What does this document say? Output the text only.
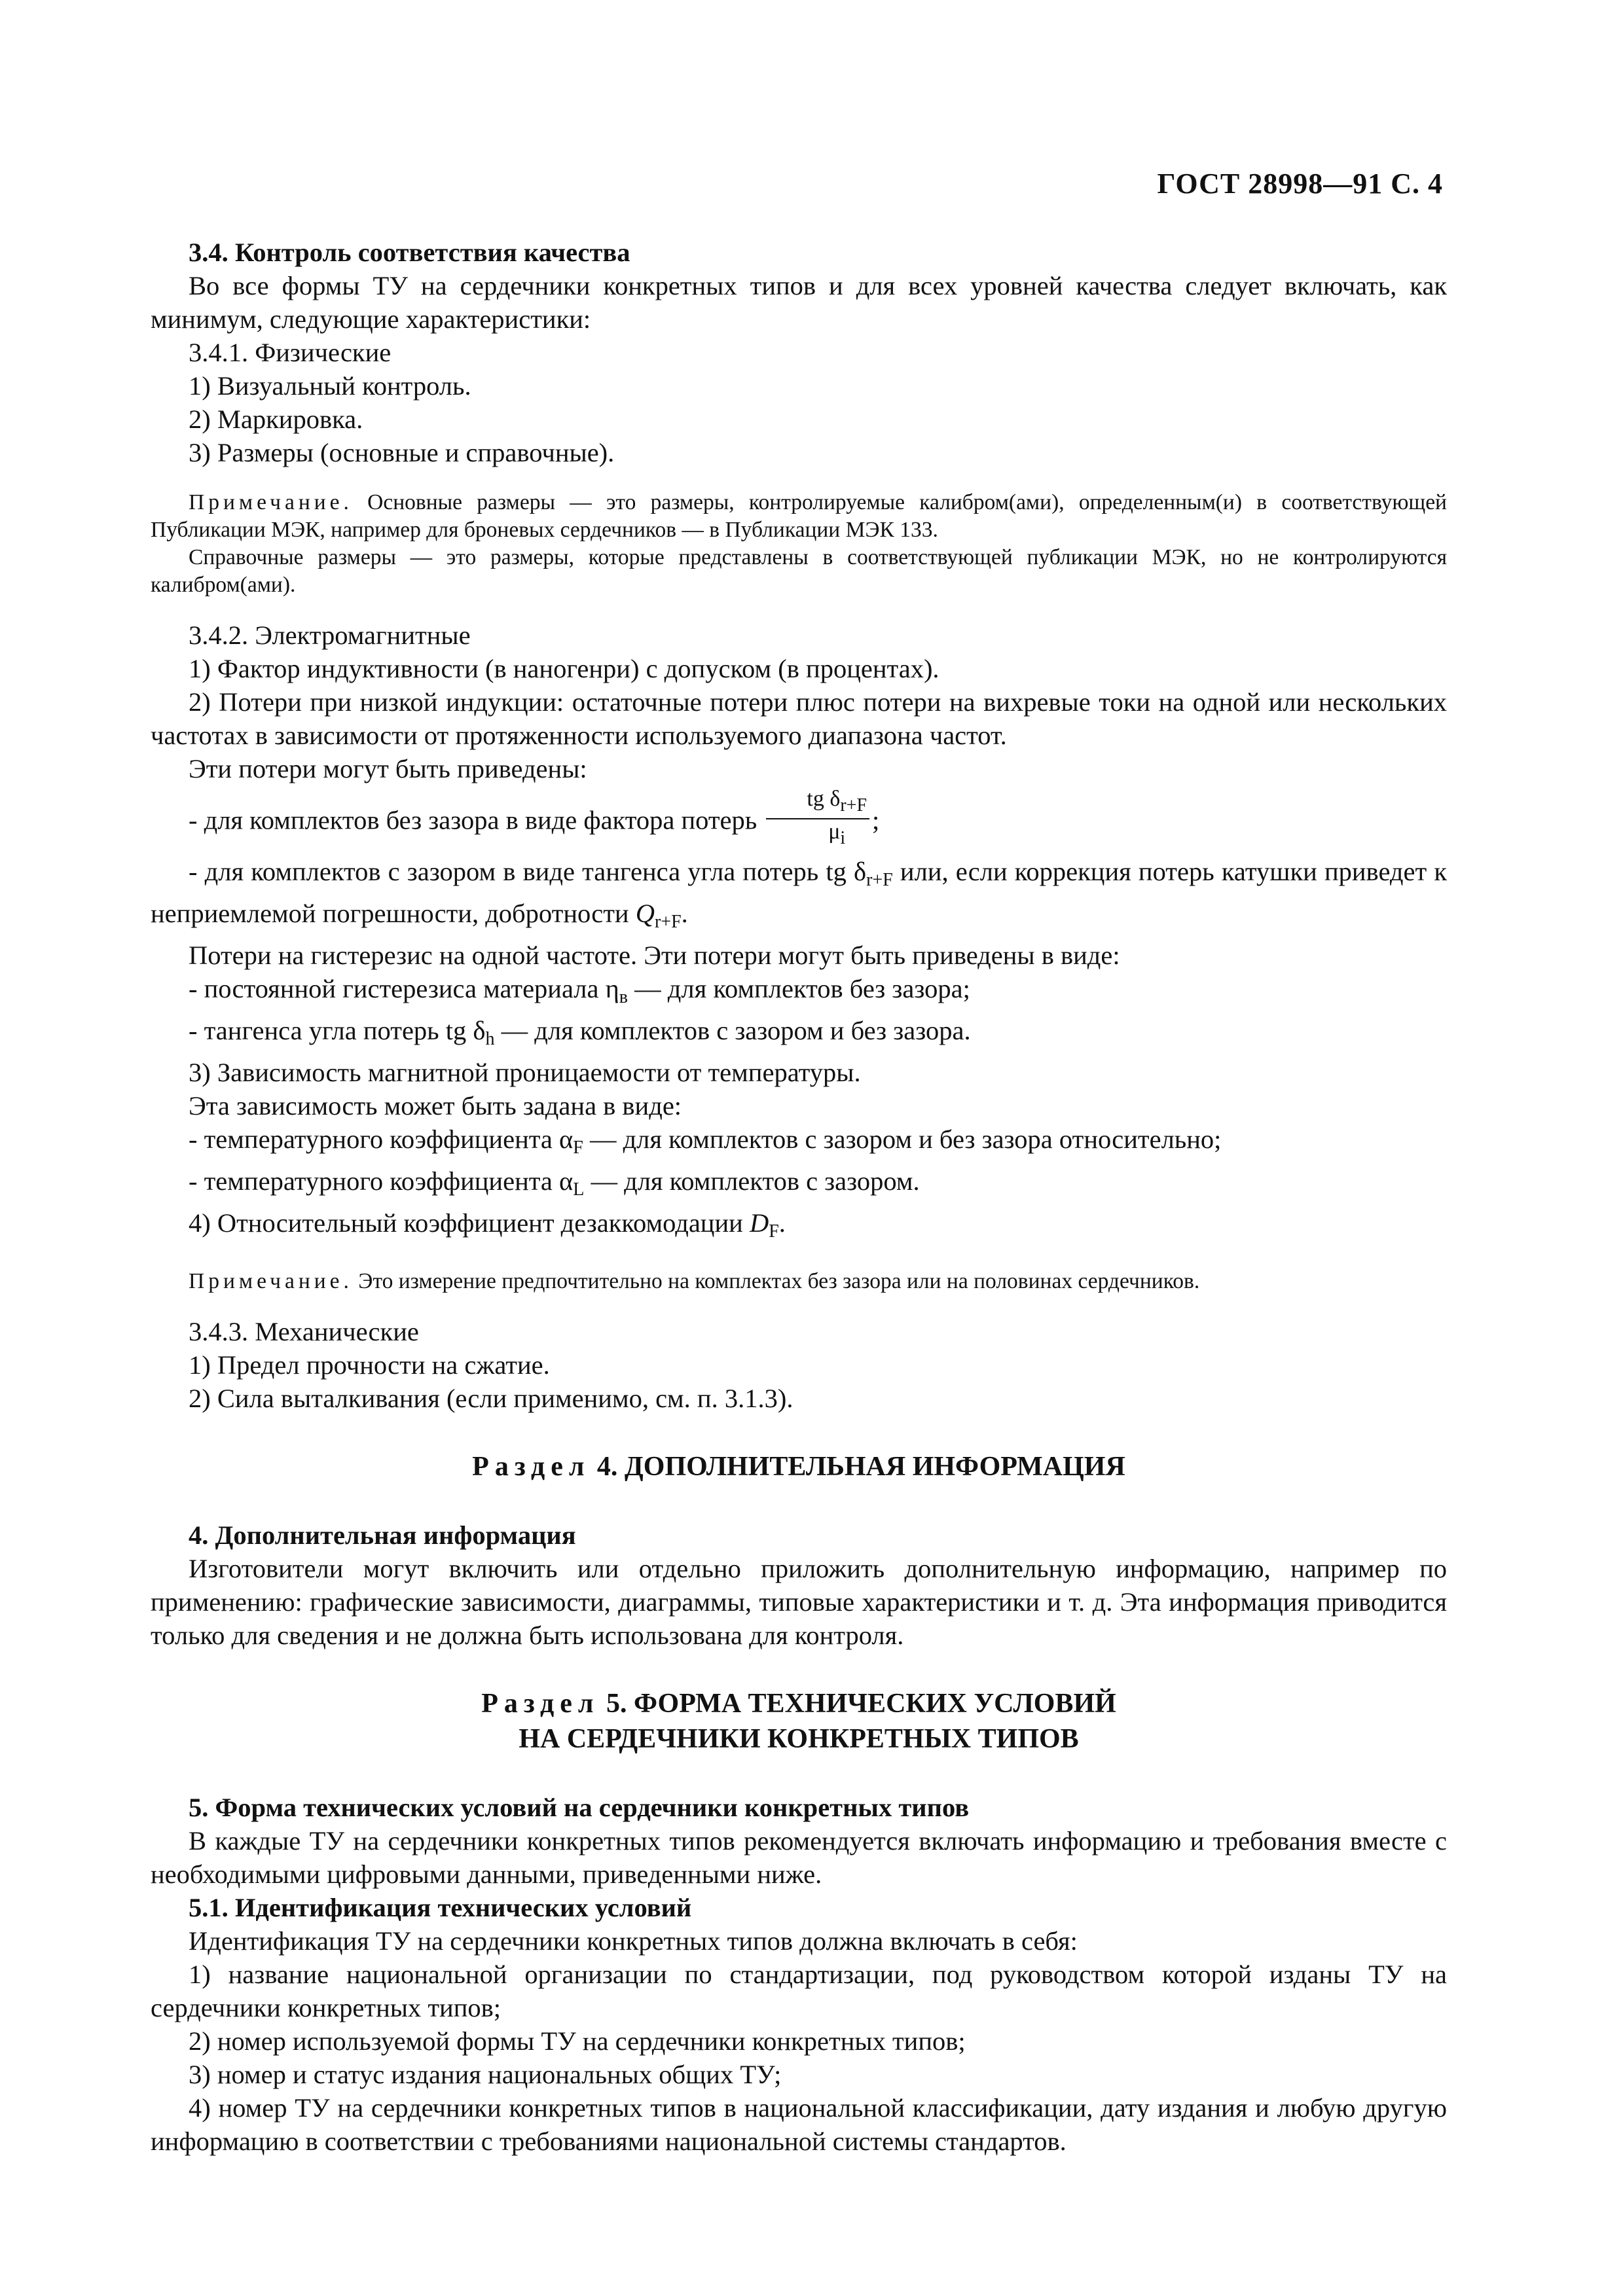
ГОСТ 28998—91 С. 4

3.4. Контроль соответствия качества

Во все формы ТУ на сердечники конкретных типов и для всех уровней качества следует включать, как минимум, следующие характеристики:

3.4.1. Физические

1) Визуальный контроль.

2) Маркировка.

3) Размеры (основные и справочные).

Примечание. Основные размеры — это размеры, контролируемые калибром(ами), определенным(и) в соответствующей Публикации МЭК, например для броневых сердечников — в Публикации МЭК 133.

Справочные размеры — это размеры, которые представлены в соответствующей публикации МЭК, но не контролируются калибром(ами).

3.4.2. Электромагнитные

1) Фактор индуктивности (в наногенри) с допуском (в процентах).

2) Потери при низкой индукции: остаточные потери плюс потери на вихревые токи на одной или нескольких частотах в зависимости от протяженности используемого диапазона частот.

Эти потери могут быть приведены:

- для комплектов без зазора в виде фактора потерь $\frac{tg \delta_{r+F}}{\mu_i}$ ;

- для комплектов с зазором в виде тангенса угла потерь tg $\delta_{r+F}$ или, если коррекция потерь катушки приведет к неприемлемой погрешности, добротности $Q_{r+F}$.

Потери на гистерезис на одной частоте. Эти потери могут быть приведены в виде:

- постоянной гистерезиса материала $\eta_в$ — для комплектов без зазора;

- тангенса угла потерь tg $\delta_h$ — для комплектов с зазором и без зазора.

3) Зависимость магнитной проницаемости от температуры.

Эта зависимость может быть задана в виде:

- температурного коэффициента $\alpha_F$ — для комплектов с зазором и без зазора относительно;

- температурного коэффициента $\alpha_L$ — для комплектов с зазором.

4) Относительный коэффициент дезаккомодации $D_F$.

Примечание. Это измерение предпочтительно на комплектах без зазора или на половинах сердечников.

3.4.3. Механические

1) Предел прочности на сжатие.

2) Сила выталкивания (если применимо, см. п. 3.1.3).

Раздел 4. ДОПОЛНИТЕЛЬНАЯ ИНФОРМАЦИЯ

4. Дополнительная информация

Изготовители могут включить или отдельно приложить дополнительную информацию, например по применению: графические зависимости, диаграммы, типовые характеристики и т. д. Эта информация приводится только для сведения и не должна быть использована для контроля.

Раздел 5. ФОРМА ТЕХНИЧЕСКИХ УСЛОВИЙ

НА СЕРДЕЧНИКИ КОНКРЕТНЫХ ТИПОВ

5. Форма технических условий на сердечники конкретных типов

В каждые ТУ на сердечники конкретных типов рекомендуется включать информацию и требования вместе с необходимыми цифровыми данными, приведенными ниже.

5.1. Идентификация технических условий

Идентификация ТУ на сердечники конкретных типов должна включать в себя:

1) название национальной организации по стандартизации, под руководством которой изданы ТУ на сердечники конкретных типов;

2) номер используемой формы ТУ на сердечники конкретных типов;

3) номер и статус издания национальных общих ТУ;

4) номер ТУ на сердечники конкретных типов в национальной классификации, дату издания и любую другую информацию в соответствии с требованиями национальной системы стандартов.
